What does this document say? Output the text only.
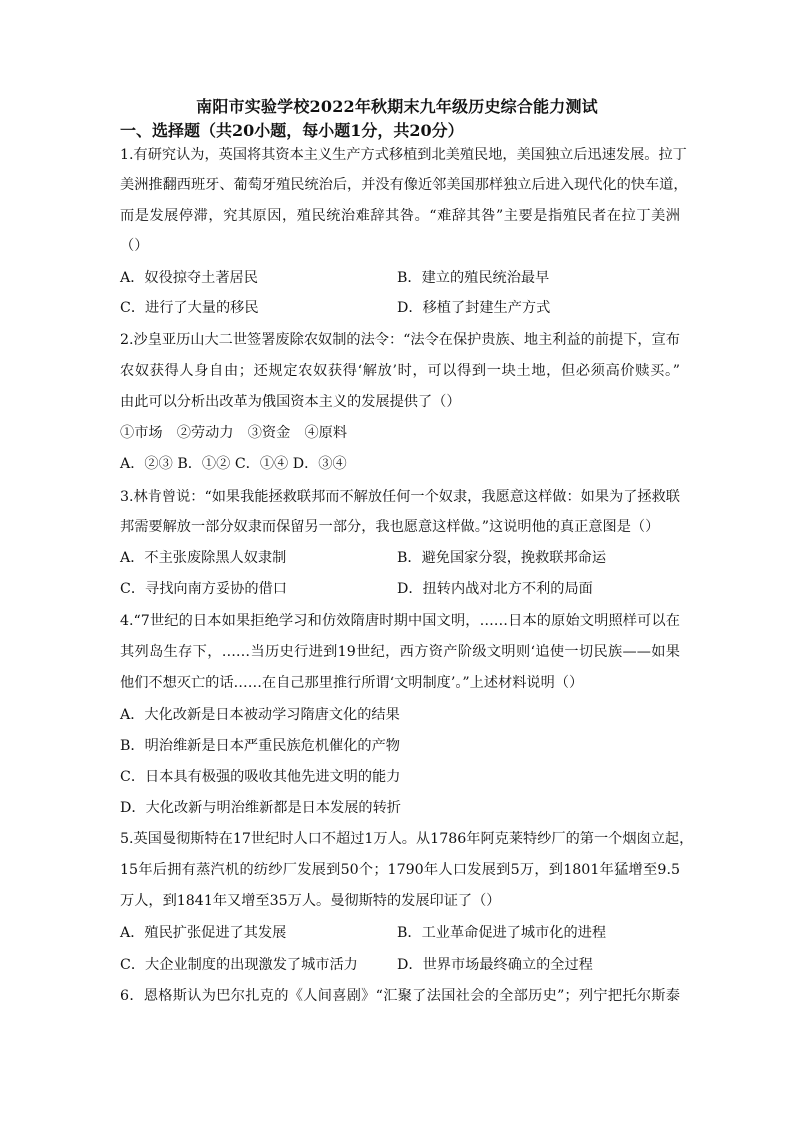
南阳市实验学校2022年秋期末九年级历史综合能力测试
一、选择题（共20小题，每小题1分，共20分）
1.有研究认为，英国将其资本主义生产方式移植到北美殖民地，美国独立后迅速发展。拉丁
美洲推翻西班牙、葡萄牙殖民统治后，并没有像近邻美国那样独立后进入现代化的快车道，
而是发展停滞，究其原因，殖民统治难辞其咎。“难辞其咎”主要是指殖民者在拉丁美洲
（）
A．奴役掠夺土著居民	B．建立的殖民统治最早
C．进行了大量的移民	D．移植了封建生产方式
2.沙皇亚历山大二世签署废除农奴制的法令：“法令在保护贵族、地主利益的前提下，宣布
农奴获得人身自由；还规定农奴获得‘解放’时，可以得到一块土地，但必须高价赎买。”
由此可以分析出改革为俄国资本主义的发展提供了（）
①市场　②劳动力　③资金　④原料
A．②③ B．①② C．①④ D．③④
3.林肯曾说：“如果我能拯救联邦而不解放任何一个奴隶，我愿意这样做：如果为了拯救联
邦需要解放一部分奴隶而保留另一部分，我也愿意这样做。”这说明他的真正意图是（）
A．不主张废除黑人奴隶制	B．避免国家分裂，挽救联邦命运
C．寻找向南方妥协的借口	D．扭转内战对北方不利的局面
4.“7世纪的日本如果拒绝学习和仿效隋唐时期中国文明，……日本的原始文明照样可以在
其列岛生存下，……当历史行进到19世纪，西方资产阶级文明则‘追使一切民族——如果
他们不想灭亡的话……在自己那里推行所谓‘文明制度’。”上述材料说明（）
A．大化改新是日本被动学习隋唐文化的结果
B．明治维新是日本严重民族危机催化的产物
C．日本具有极强的吸收其他先进文明的能力
D．大化改新与明治维新都是日本发展的转折
5.英国曼彻斯特在17世纪时人口不超过1万人。从1786年阿克莱特纱厂的第一个烟囱立起，
15年后拥有蒸汽机的纺纱厂发展到50个；1790年人口发展到5万，到1801年猛增至9.5
万人，到1841年又增至35万人。曼彻斯特的发展印证了（）
A．殖民扩张促进了其发展	B．工业革命促进了城市化的进程
C．大企业制度的出现激发了城市活力	D．世界市场最终确立的全过程
6．恩格斯认为巴尔扎克的《人间喜剧》“汇聚了法国社会的全部历史”；列宁把托尔斯泰
